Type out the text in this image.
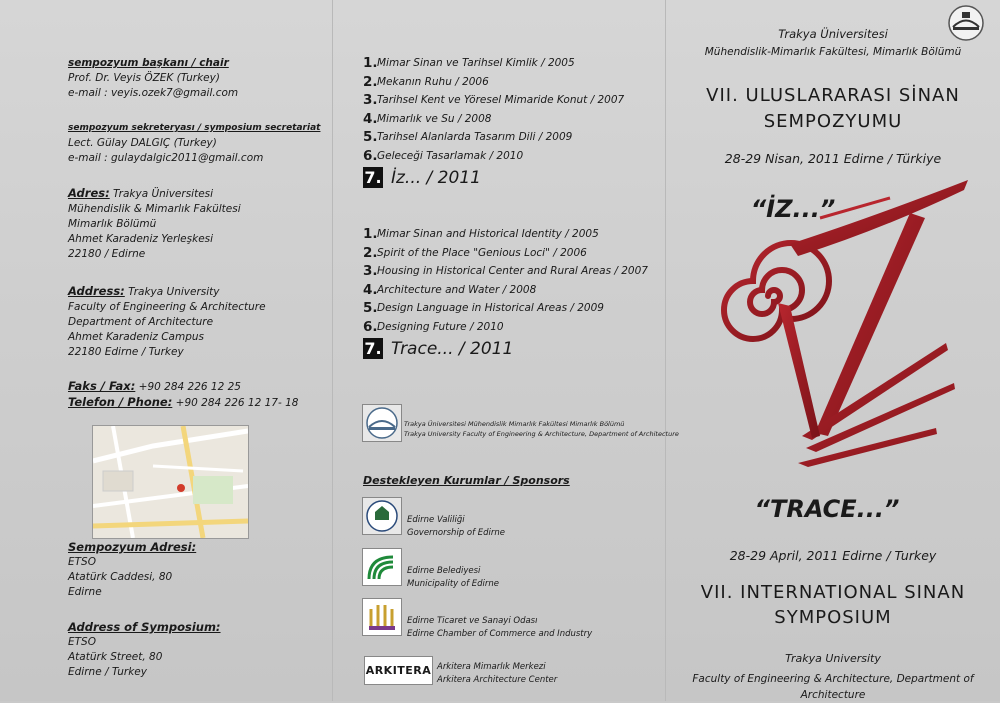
sempozyum başkanı / chair
Prof. Dr. Veyis ÖZEK (Turkey)
e-mail : veyis.ozek7@gmail.com
sempozyum sekreteryası / symposium secretariat
Lect. Gülay DALGIÇ (Turkey)
e-mail : gulaydalgic2011@gmail.com
Adres: Trakya Üniversitesi
Mühendislik & Mimarlık Fakültesi
Mimarlık Bölümü
Ahmet Karadeniz Yerleşkesi
22180 / Edirne
Address: Trakya University
Faculty of Engineering & Architecture
Department of Architecture
Ahmet Karadeniz Campus
22180 Edirne / Turkey
Faks / Fax: +90 284 226 12 25
Telefon / Phone: +90 284 226 12 17- 18
Sempozyum Adresi:
ETSO
Atatürk Caddesi, 80
Edirne
Address of Symposium:
ETSO
Atatürk Street, 80
Edirne / Turkey
1. Mimar Sinan ve Tarihsel Kimlik / 2005
2. Mekanın Ruhu / 2006
3. Tarihsel Kent ve Yöresel Mimaride Konut / 2007
4. Mimarlık ve Su / 2008
5. Tarihsel Alanlarda Tasarım Dili / 2009
6. Geleceği Tasarlamak / 2010
7. İz... / 2011
1. Mimar Sinan and Historical Identity / 2005
2. Spirit of the Place "Genious Loci" / 2006
3. Housing in Historical Center and Rural Areas / 2007
4. Architecture and Water / 2008
5. Design Language in Historical Areas / 2009
6. Designing Future / 2010
7. Trace... / 2011
Trakya Üniversitesi Mühendislik Mimarlık Fakültesi Mimarlık Bölümü
Trakya University Faculty of Engineering & Architecture, Department of Architecture
Destekleyen Kurumlar / Sponsors
Edirne Valiliği
Governorship of Edirne
Edirne Belediyesi
Municipality of Edirne
Edirne Ticaret ve Sanayi Odası
Edirne Chamber of Commerce and Industry
ARKITERA Arkitera Mimarlık Merkezi
Arkitera Architecture Center
Trakya Üniversitesi
Mühendislik-Mimarlık Fakültesi, Mimarlık Bölümü
VII. ULUSLARARASI SİNAN
SEMPOZYUMU
28-29 Nisan, 2011 Edirne / Türkiye
“İZ...”
“TRACE...”
28-29 April, 2011 Edirne / Turkey
VII. INTERNATIONAL SINAN
SYMPOSIUM
Trakya University
Faculty of Engineering & Architecture, Department of Architecture
